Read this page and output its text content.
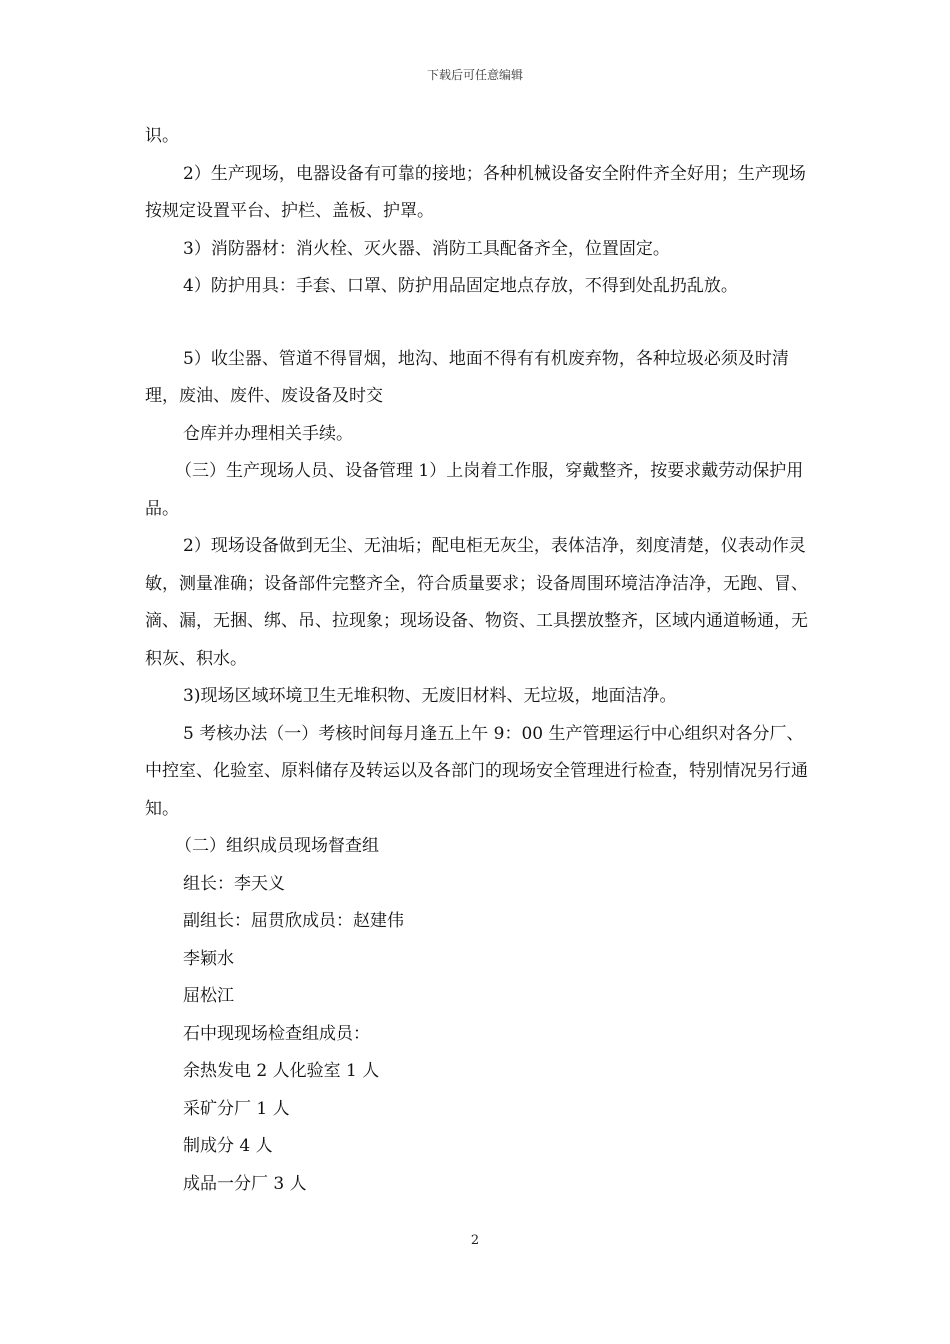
下载后可任意编辑

识。

2）生产现场，电器设备有可靠的接地；各种机械设备安全附件齐全好用；生产现场按规定设置平台、护栏、盖板、护罩。

3）消防器材：消火栓、灭火器、消防工具配备齐全，位置固定。

4）防护用具：手套、口罩、防护用品固定地点存放，不得到处乱扔乱放。

5）收尘器、管道不得冒烟，地沟、地面不得有有机废弃物，各种垃圾必须及时清理，废油、废件、废设备及时交

仓库并办理相关手续。

（三）生产现场人员、设备管理 1）上岗着工作服，穿戴整齐，按要求戴劳动保护用品。

2）现场设备做到无尘、无油垢；配电柜无灰尘，表体洁净，刻度清楚，仪表动作灵敏，测量准确；设备部件完整齐全，符合质量要求；设备周围环境洁净洁净，无跑、冒、滴、漏，无捆、绑、吊、拉现象；现场设备、物资、工具摆放整齐，区域内通道畅通，无积灰、积水。

3)现场区域环境卫生无堆积物、无废旧材料、无垃圾，地面洁净。

5 考核办法（一）考核时间每月逢五上午 9：00 生产管理运行中心组织对各分厂、中控室、化验室、原料储存及转运以及各部门的现场安全管理进行检查，特别情况另行通知。

（二）组织成员现场督查组

组长：李天义

副组长：屈贯欣成员：赵建伟

李颖水

屈松江

石中现现场检查组成员：

余热发电 2 人化验室 1 人

采矿分厂 1 人

制成分 4 人

成品一分厂 3 人

2
